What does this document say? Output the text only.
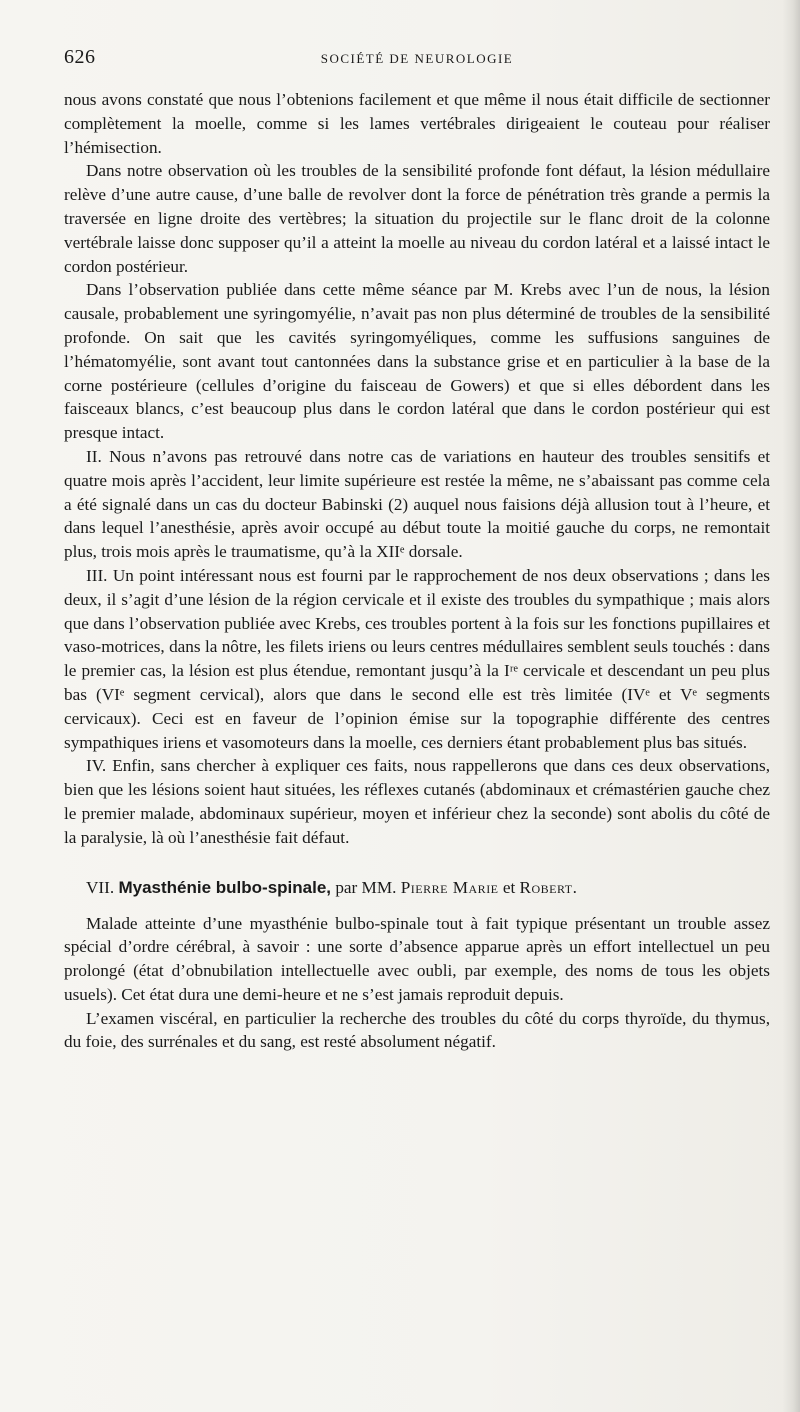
626	SOCIÉTÉ DE NEUROLOGIE

nous avons constaté que nous l’obtenions facilement et que même il nous était difficile de sectionner complètement la moelle, comme si les lames vertébrales dirigeaient le couteau pour réaliser l’hémisection.

Dans notre observation où les troubles de la sensibilité profonde font défaut, la lésion médullaire relève d’une autre cause, d’une balle de revolver dont la force de pénétration très grande a permis la traversée en ligne droite des vertèbres; la situation du projectile sur le flanc droit de la colonne vertébrale laisse donc supposer qu’il a atteint la moelle au niveau du cordon latéral et a laissé intact le cordon postérieur.

Dans l’observation publiée dans cette même séance par M. Krebs avec l’un de nous, la lésion causale, probablement une syringomyélie, n’avait pas non plus déterminé de troubles de la sensibilité profonde. On sait que les cavités syringomyéliques, comme les suffusions sanguines de l’hématomyélie, sont avant tout cantonnées dans la substance grise et en particulier à la base de la corne postérieure (cellules d’origine du faisceau de Gowers) et que si elles débordent dans les faisceaux blancs, c’est beaucoup plus dans le cordon latéral que dans le cordon postérieur qui est presque intact.

II. Nous n’avons pas retrouvé dans notre cas de variations en hauteur des troubles sensitifs et quatre mois après l’accident, leur limite supérieure est restée la même, ne s’abaissant pas comme cela a été signalé dans un cas du docteur Babinski (2) auquel nous faisions déjà allusion tout à l’heure, et dans lequel l’anesthésie, après avoir occupé au début toute la moitié gauche du corps, ne remontait plus, trois mois après le traumatisme, qu’à la XIIᵉ dorsale.

III. Un point intéressant nous est fourni par le rapprochement de nos deux observations ; dans les deux, il s’agit d’une lésion de la région cervicale et il existe des troubles du sympathique ; mais alors que dans l’observation publiée avec Krebs, ces troubles portent à la fois sur les fonctions pupillaires et vaso-motrices, dans la nôtre, les filets iriens ou leurs centres médullaires semblent seuls touchés : dans le premier cas, la lésion est plus étendue, remontant jusqu’à la Iʳᵉ cervicale et descendant un peu plus bas (VIᵉ segment cervical), alors que dans le second elle est très limitée (IVᵉ et Vᵉ segments cervicaux). Ceci est en faveur de l’opinion émise sur la topographie différente des centres sympathiques iriens et vasomoteurs dans la moelle, ces derniers étant probablement plus bas situés.

IV. Enfin, sans chercher à expliquer ces faits, nous rappellerons que dans ces deux observations, bien que les lésions soient haut situées, les réflexes cutanés (abdominaux et crémastérien gauche chez le premier malade, abdominaux supérieur, moyen et inférieur chez la seconde) sont abolis du côté de la paralysie, là où l’anesthésie fait défaut.

VII. Myasthénie bulbo-spinale, par MM. Pierre Marie et Robert.

Malade atteinte d’une myasthénie bulbo-spinale tout à fait typique présentant un trouble assez spécial d’ordre cérébral, à savoir : une sorte d’absence apparue après un effort intellectuel un peu prolongé (état d’obnubilation intellectuelle avec oubli, par exemple, des noms de tous les objets usuels). Cet état dura une demi-heure et ne s’est jamais reproduit depuis.

L’examen viscéral, en particulier la recherche des troubles du côté du corps thyroïde, du thymus, du foie, des surrénales et du sang, est resté absolument négatif.
